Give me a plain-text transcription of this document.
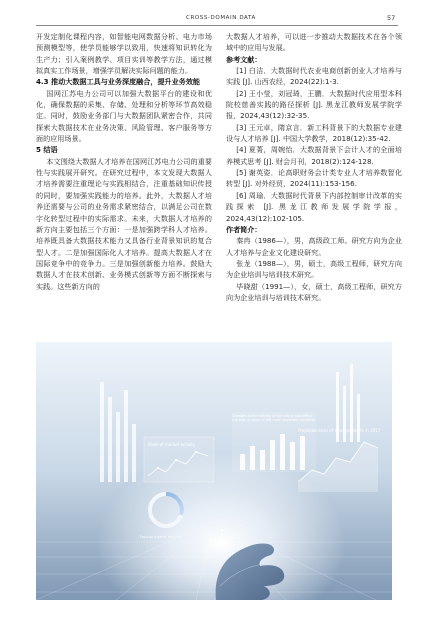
CROSS-DOMAIN DATA	57

开发定制化课程内容，如智能电网数据分析、电力市场预测模型等，使学员能够学以致用，快速将知识转化为生产力；引入案例教学、项目实训等教学方法，通过模拟真实工作场景，增强学员解决实际问题的能力。

4.3 推动大数据工具与业务深度融合，提升业务效能

国网江苏电力公司可以加强大数据平台的建设和优化，确保数据的采集、存储、处理和分析等环节高效稳定。同时，鼓励业务部门与大数据团队紧密合作，共同探索大数据技术在业务决策、风险管理、客户服务等方面的应用场景。

5 结语

本文围绕大数据人才培养在国网江苏电力公司的重要性与实践展开研究。在研究过程中，本文发现大数据人才培养需要注重理论与实践相结合，注重基础知识传授的同时，要加强实践能力的培养。此外，大数据人才培养还需要与公司的业务需求紧密结合，以满足公司在数字化转型过程中的实际需求。未来，大数据人才培养的新方向主要包括三个方面：一是加强跨学科人才培养。培养既具备大数据技术能力又具备行业背景知识的复合型人才。二是加强国际化人才培养。提高大数据人才在国际竞争中的竞争力。三是加强创新能力培养。鼓励大数据人才在技术创新、业务模式创新等方面不断探索与实践。这些新方向的

大数据人才培养，可以进一步推动大数据技术在各个领域中的应用与发展。

参考文献：

[1] 白洁．大数据时代农业电商创新创业人才培养与实践 [J]. 山西农经，2024(22):1-3.

[2] 王小莹，刘冠琦，王鹏．大数据时代应用型本科院校慈善实践的路径探析 [J]. 黑龙江教师发展学院学报，2024,43(12):32-35.

[3] 王元卓，隋京言．新工科背景下的大数据专业建设与人才培养 [J]. 中国大学教学，2018(12):35-42.

[4] 夏菁，周婉怡．大数据背景下会计人才的全面培养模式思考 [J]. 财会月刊，2018(2):124-128.

[5] 谢英姿．论高职财务会计类专业人才培养数智化转型 [J]. 对外经贸，2024(11):153-156.

[6] 周瑜．大数据时代背景下内部控制审计改革的实践探索 [J]. 黑龙江教师发展学院学报，2024,43(12):102-105.

作者简介：

秦冉（1986—），男，高级政工师。研究方向为企业人才培养与企业文化建设研究。

张龙（1988—），男，硕士，高级工程师，研究方向为企业培训与培训技术研究。

毕晓甜（1991—），女，硕士，高级工程师，研究方向为企业培训与培训技术研究。
